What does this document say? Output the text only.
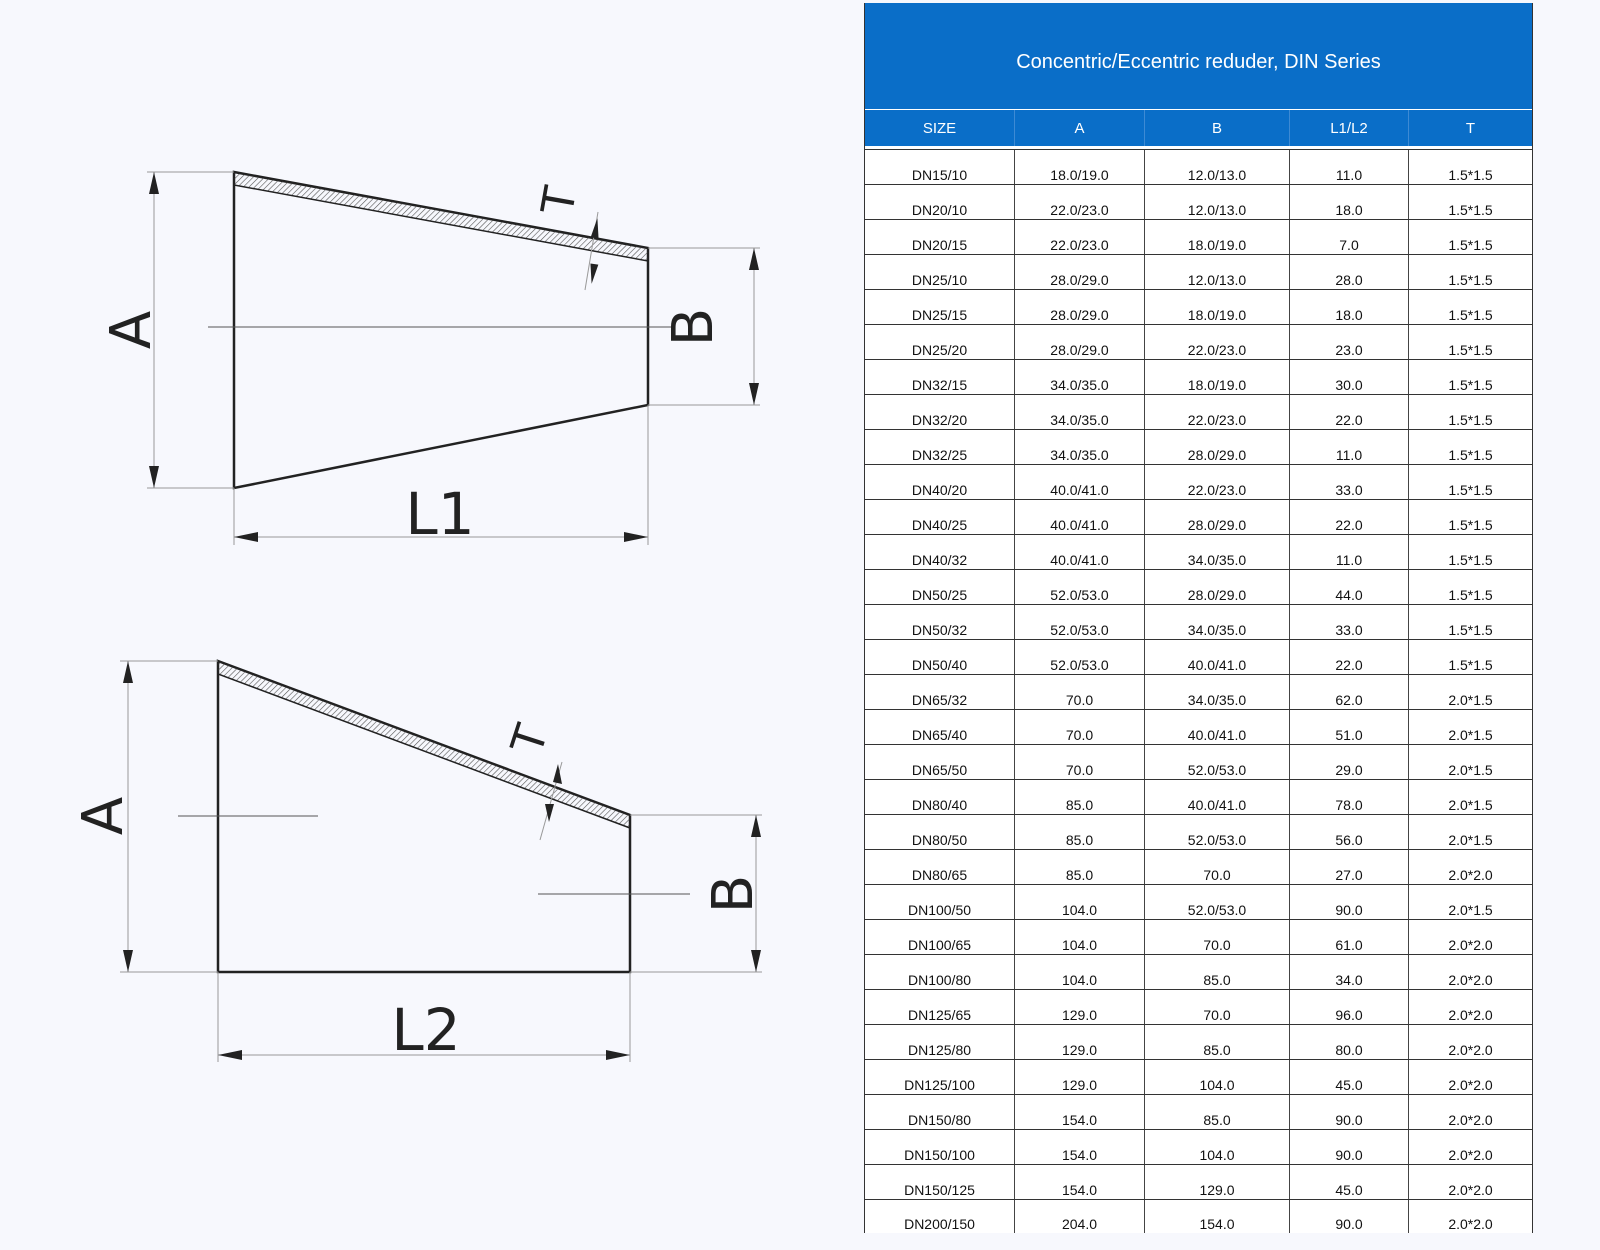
A	B
L1
T
A
B
L2
T
Concentric/Eccentric reduder, DIN Series
SIZE	A	B	L1/L2	T
DN15/10	18.0/19.0	12.0/13.0	11.0	1.5*1.5
DN20/10	22.0/23.0	12.0/13.0	18.0	1.5*1.5
DN20/15	22.0/23.0	18.0/19.0	7.0	1.5*1.5
DN25/10	28.0/29.0	12.0/13.0	28.0	1.5*1.5
DN25/15	28.0/29.0	18.0/19.0	18.0	1.5*1.5
DN25/20	28.0/29.0	22.0/23.0	23.0	1.5*1.5
DN32/15	34.0/35.0	18.0/19.0	30.0	1.5*1.5
DN32/20	34.0/35.0	22.0/23.0	22.0	1.5*1.5
DN32/25	34.0/35.0	28.0/29.0	11.0	1.5*1.5
DN40/20	40.0/41.0	22.0/23.0	33.0	1.5*1.5
DN40/25	40.0/41.0	28.0/29.0	22.0	1.5*1.5
DN40/32	40.0/41.0	34.0/35.0	11.0	1.5*1.5
DN50/25	52.0/53.0	28.0/29.0	44.0	1.5*1.5
DN50/32	52.0/53.0	34.0/35.0	33.0	1.5*1.5
DN50/40	52.0/53.0	40.0/41.0	22.0	1.5*1.5
DN65/32	70.0	34.0/35.0	62.0	2.0*1.5
DN65/40	70.0	40.0/41.0	51.0	2.0*1.5
DN65/50	70.0	52.0/53.0	29.0	2.0*1.5
DN80/40	85.0	40.0/41.0	78.0	2.0*1.5
DN80/50	85.0	52.0/53.0	56.0	2.0*1.5
DN80/65	85.0	70.0	27.0	2.0*2.0
DN100/50	104.0	52.0/53.0	90.0	2.0*1.5
DN100/65	104.0	70.0	61.0	2.0*2.0
DN100/80	104.0	85.0	34.0	2.0*2.0
DN125/65	129.0	70.0	96.0	2.0*2.0
DN125/80	129.0	85.0	80.0	2.0*2.0
DN125/100	129.0	104.0	45.0	2.0*2.0
DN150/80	154.0	85.0	90.0	2.0*2.0
DN150/100	154.0	104.0	90.0	2.0*2.0
DN150/125	154.0	129.0	45.0	2.0*2.0
DN200/150	204.0	154.0	90.0	2.0*2.0
